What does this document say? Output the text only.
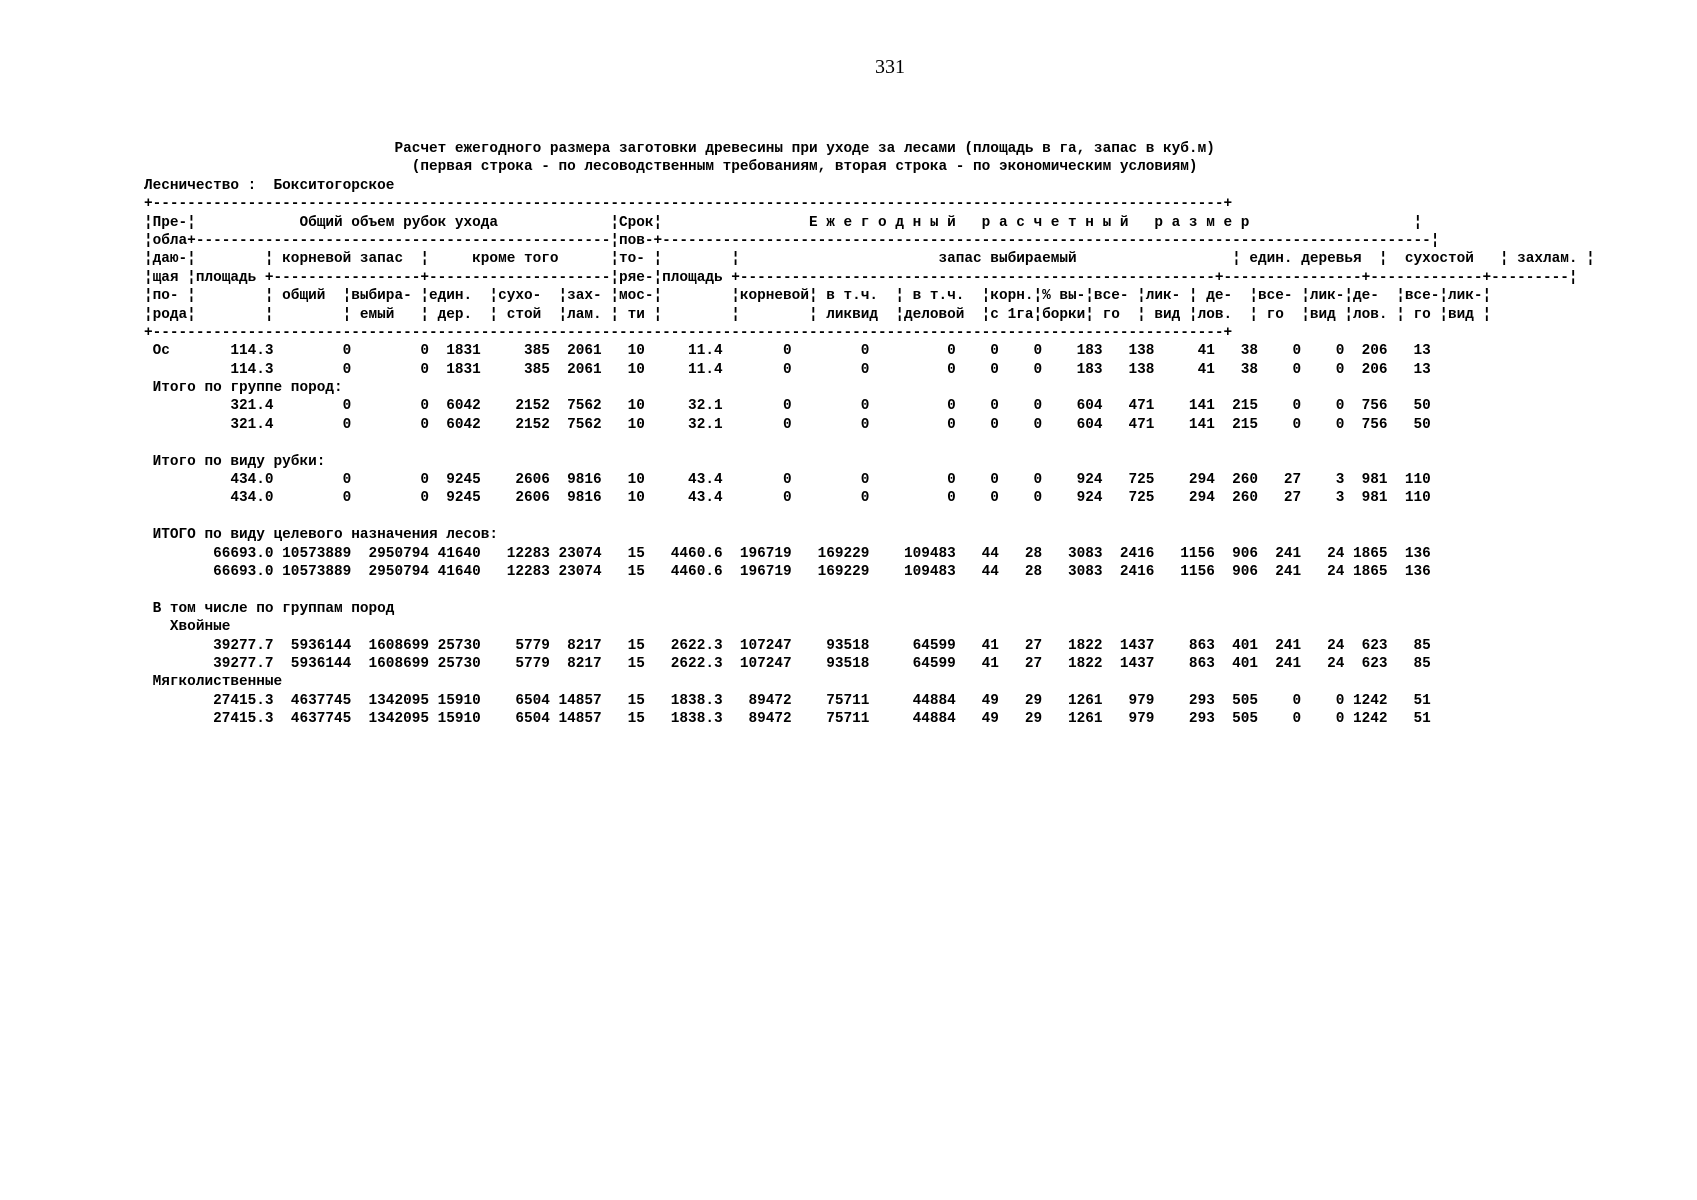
331
Расчет ежегодного размера заготовки древесины при уходе за лесами (площадь в га, запас в куб.м)
(первая строка - по лесоводственным требованиям, вторая строка - по экономическим условиям)
Лесничество :  Бокситогорское
+----------------------------------------------------------------------------------------------------------------------------+
¦Пре-¦            Общий объем рубок ухода             ¦Срок¦                 Е ж е г о д н ы й   р а с ч е т н ы й   р а з м е р                   ¦
¦обла+------------------------------------------------¦пов-+-----------------------------------------------------------------------------------------¦
¦даю-¦        ¦ корневой запас  ¦     кроме того      ¦то- ¦        ¦                       запас выбираемый                  ¦ един. деревья  ¦  сухостой   ¦ захлам. ¦
¦щая ¦площадь +-----------------+---------------------¦ряе-¦площадь +-------------------------------------------------------+----------------+-------------+---------¦
¦по- ¦        ¦ общий  ¦выбира- ¦един.  ¦сухо-  ¦зах- ¦мос-¦        ¦корневой¦ в т.ч.  ¦ в т.ч.  ¦корн.¦% вы-¦все- ¦лик- ¦ де-  ¦все- ¦лик-¦де-  ¦все-¦лик-¦
¦рода¦        ¦        ¦ емый   ¦ дер.  ¦ стой  ¦лам. ¦ ти ¦        ¦        ¦ ликвид  ¦деловой  ¦с 1га¦борки¦ го  ¦ вид ¦лов.  ¦ го  ¦вид ¦лов. ¦ го ¦вид ¦
+----------------------------------------------------------------------------------------------------------------------------+
Ос       114.3        0        0  1831     385  2061   10     11.4       0        0         0    0    0    183   138     41   38    0    0  206   13
114.3        0        0  1831     385  2061   10     11.4       0        0         0    0    0    183   138     41   38    0    0  206   13
Итого по группе пород:
321.4        0        0  6042    2152  7562   10     32.1       0        0         0    0    0    604   471    141  215    0    0  756   50
321.4        0        0  6042    2152  7562   10     32.1       0        0         0    0    0    604   471    141  215    0    0  756   50
Итого по виду рубки:
434.0        0        0  9245    2606  9816   10     43.4       0        0         0    0    0    924   725    294  260   27    3  981  110
434.0        0        0  9245    2606  9816   10     43.4       0        0         0    0    0    924   725    294  260   27    3  981  110
ИТОГО по виду целевого назначения лесов:
66693.0 10573889  2950794 41640   12283 23074   15   4460.6  196719   169229    109483   44   28   3083  2416   1156  906  241   24 1865  136
66693.0 10573889  2950794 41640   12283 23074   15   4460.6  196719   169229    109483   44   28   3083  2416   1156  906  241   24 1865  136
В том числе по группам пород
Хвойные
39277.7  5936144  1608699 25730    5779  8217   15   2622.3  107247    93518     64599   41   27   1822  1437    863  401  241   24  623   85
39277.7  5936144  1608699 25730    5779  8217   15   2622.3  107247    93518     64599   41   27   1822  1437    863  401  241   24  623   85
Мягколиственные
27415.3  4637745  1342095 15910    6504 14857   15   1838.3   89472    75711     44884   49   29   1261   979    293  505    0    0 1242   51
27415.3  4637745  1342095 15910    6504 14857   15   1838.3   89472    75711     44884   49   29   1261   979    293  505    0    0 1242   51
